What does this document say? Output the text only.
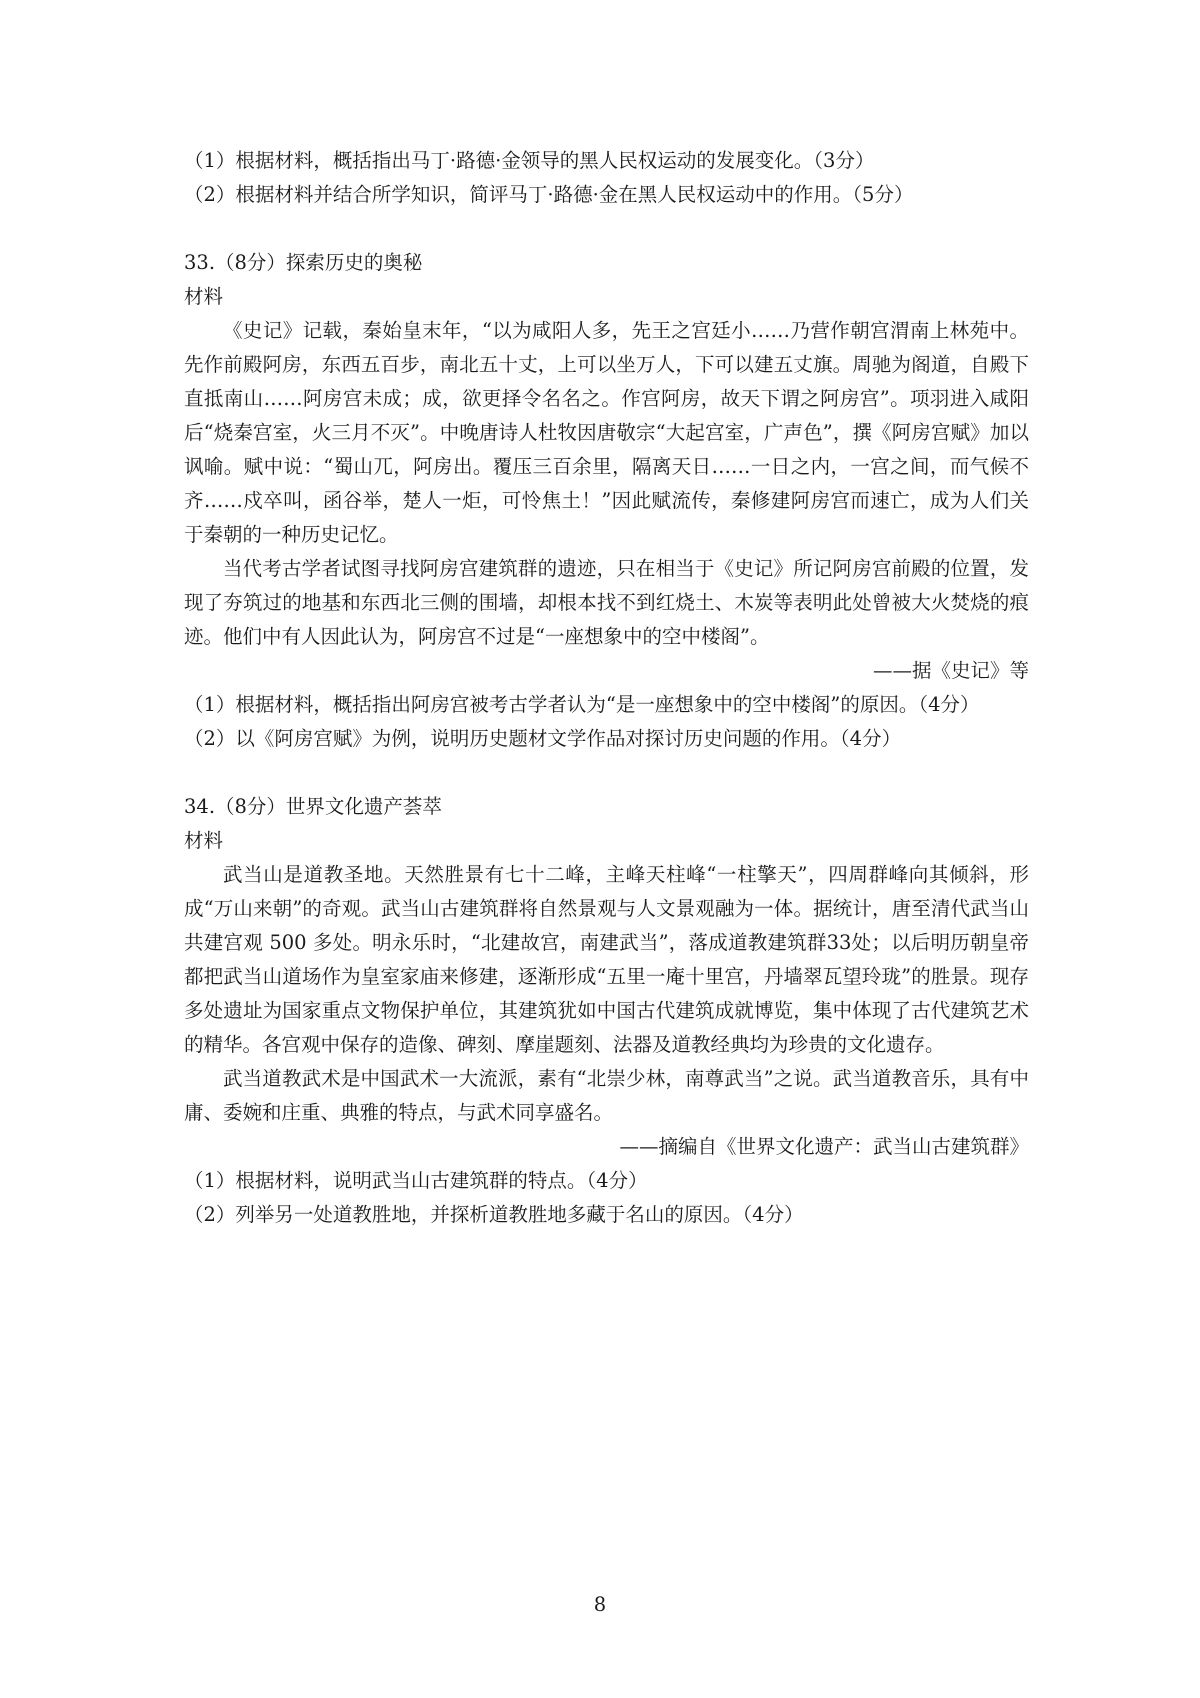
（1）根据材料，概括指出马丁·路德·金领导的黑人民权运动的发展变化。（3分）

（2）根据材料并结合所学知识，简评马丁·路德·金在黑人民权运动中的作用。（5分）

33.（8分）探索历史的奥秘

材料

《史记》记载，秦始皇末年，“以为咸阳人多，先王之宫廷小……乃营作朝宫渭南上林苑中。先作前殿阿房，东西五百步，南北五十丈，上可以坐万人，下可以建五丈旗。周驰为阁道，自殿下直抵南山……阿房宫未成；成，欲更择令名名之。作宫阿房，故天下谓之阿房宫”。项羽进入咸阳后“烧秦宫室，火三月不灭”。中晚唐诗人杜牧因唐敬宗“大起宫室，广声色”，撰《阿房宫赋》加以讽喻。赋中说：“蜀山兀，阿房出。覆压三百余里，隔离天日……一日之内，一宫之间，而气候不齐……戍卒叫，函谷举，楚人一炬，可怜焦土！”因此赋流传，秦修建阿房宫而速亡，成为人们关于秦朝的一种历史记忆。

当代考古学者试图寻找阿房宫建筑群的遗迹，只在相当于《史记》所记阿房宫前殿的位置，发现了夯筑过的地基和东西北三侧的围墙，却根本找不到红烧土、木炭等表明此处曾被大火焚烧的痕迹。他们中有人因此认为，阿房宫不过是“一座想象中的空中楼阁”。

——据《史记》等

（1）根据材料，概括指出阿房宫被考古学者认为“是一座想象中的空中楼阁”的原因。（4分）

（2）以《阿房宫赋》为例，说明历史题材文学作品对探讨历史问题的作用。（4分）

34.（8分）世界文化遗产荟萃

材料

武当山是道教圣地。天然胜景有七十二峰，主峰天柱峰“一柱擎天”，四周群峰向其倾斜，形成“万山来朝”的奇观。武当山古建筑群将自然景观与人文景观融为一体。据统计，唐至清代武当山共建宫观 500 多处。明永乐时，“北建故宫，南建武当”，落成道教建筑群33处；以后明历朝皇帝都把武当山道场作为皇室家庙来修建，逐渐形成“五里一庵十里宫，丹墙翠瓦望玲珑”的胜景。现存多处遗址为国家重点文物保护单位，其建筑犹如中国古代建筑成就博览，集中体现了古代建筑艺术的精华。各宫观中保存的造像、碑刻、摩崖题刻、法器及道教经典均为珍贵的文化遗存。

武当道教武术是中国武术一大流派，素有“北崇少林，南尊武当”之说。武当道教音乐，具有中庸、委婉和庄重、典雅的特点，与武术同享盛名。

——摘编自《世界文化遗产：武当山古建筑群》

（1）根据材料，说明武当山古建筑群的特点。（4分）

（2）列举另一处道教胜地，并探析道教胜地多藏于名山的原因。（4分）

8
